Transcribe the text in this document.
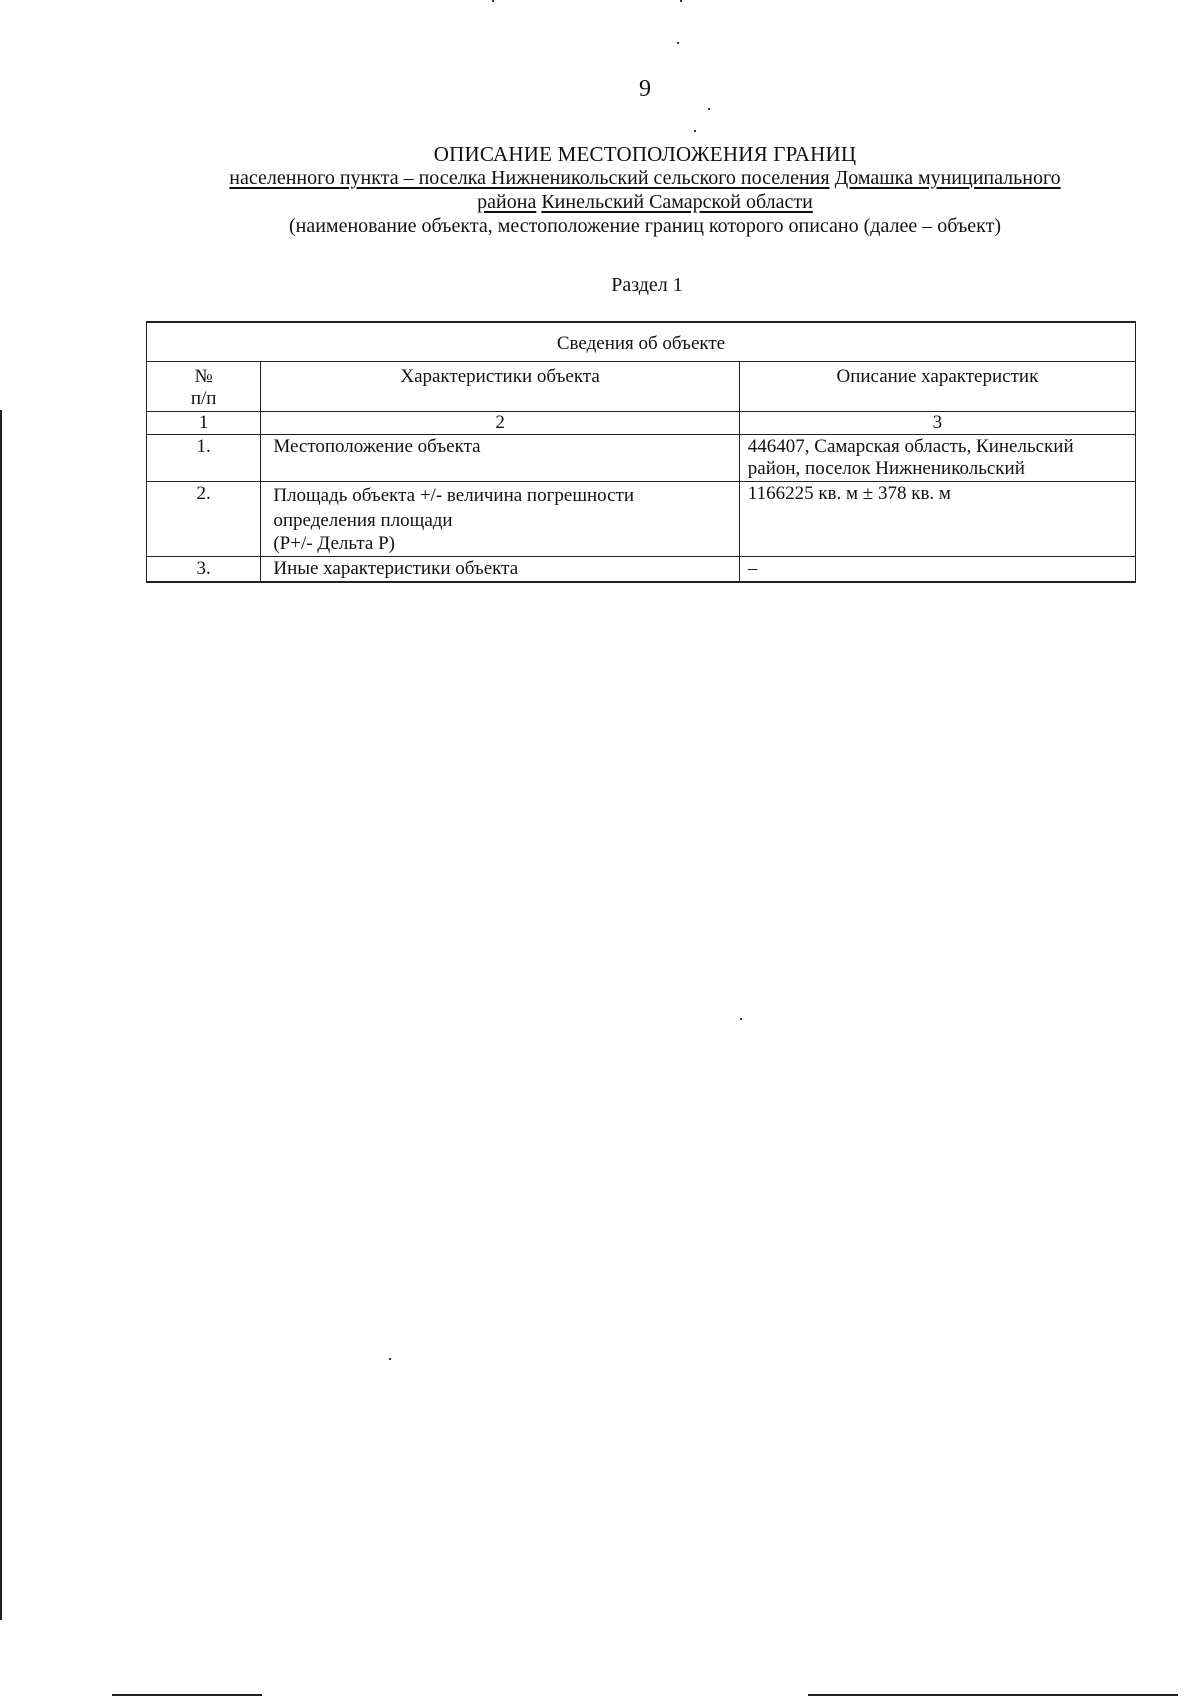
9
ОПИСАНИЕ МЕСТОПОЛОЖЕНИЯ ГРАНИЦ
населенного пункта – поселка Нижненикольский сельского поселения Домашка муниципального
района Кинельский Самарской области
(наименование объекта, местоположение границ которого описано (далее – объект)
Раздел 1
Сведения об объекте		

№
п/п	Характеристики объекта	Описание характеристик
1	2	3
1.	Местоположение объекта	446407, Самарская область, Кинельский
район, поселок Нижненикольский

2.	Площадь объекта +/- величина погрешности
определения площади
(P+/- Дельта P)	1166225 кв. м ± 378 кв. м
3.	Иные характеристики объекта	–
